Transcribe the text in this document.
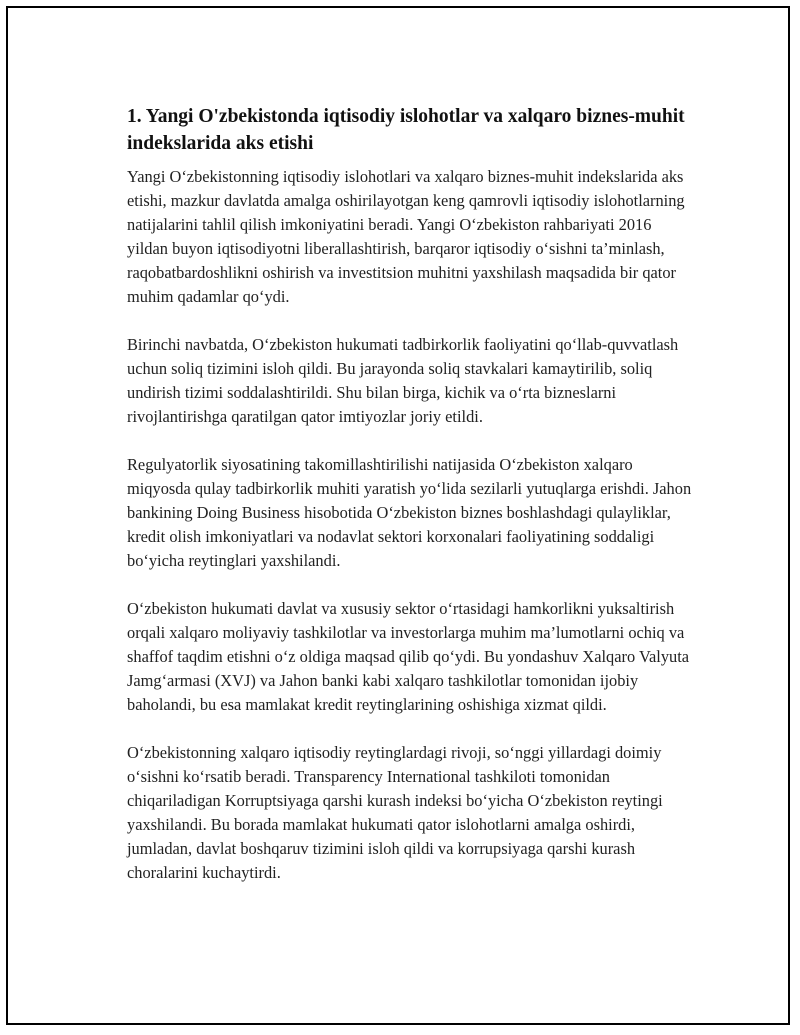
1. Yangi O'zbekistonda iqtisodiy islohotlar va xalqaro biznes-muhit indekslarida aks etishi

Yangi O‘zbekistonning iqtisodiy islohotlari va xalqaro biznes-muhit indekslarida aks etishi, mazkur davlatda amalga oshirilayotgan keng qamrovli iqtisodiy islohotlarning natijalarini tahlil qilish imkoniyatini beradi. Yangi O‘zbekiston rahbariyati 2016 yildan buyon iqtisodiyotni liberallashtirish, barqaror iqtisodiy o‘sishni ta’minlash, raqobatbardoshlikni oshirish va investitsion muhitni yaxshilash maqsadida bir qator muhim qadamlar qo‘ydi.

Birinchi navbatda, O‘zbekiston hukumati tadbirkorlik faoliyatini qo‘llab-quvvatlash uchun soliq tizimini isloh qildi. Bu jarayonda soliq stavkalari kamaytirilib, soliq undirish tizimi soddalashtirildi. Shu bilan birga, kichik va o‘rta bizneslarni rivojlantirishga qaratilgan qator imtiyozlar joriy etildi.

Regulyatorlik siyosatining takomillashtirilishi natijasida O‘zbekiston xalqaro miqyosda qulay tadbirkorlik muhiti yaratish yo‘lida sezilarli yutuqlarga erishdi. Jahon bankining Doing Business hisobotida O‘zbekiston biznes boshlashdagi qulayliklar, kredit olish imkoniyatlari va nodavlat sektori korxonalari faoliyatining soddaligi bo‘yicha reytinglari yaxshilandi.

O‘zbekiston hukumati davlat va xususiy sektor o‘rtasidagi hamkorlikni yuksaltirish orqali xalqaro moliyaviy tashkilotlar va investorlarga muhim ma’lumotlarni ochiq va shaffof taqdim etishni o‘z oldiga maqsad qilib qo‘ydi. Bu yondashuv Xalqaro Valyuta Jamg‘armasi (XVJ) va Jahon banki kabi xalqaro tashkilotlar tomonidan ijobiy baholandi, bu esa mamlakat kredit reytinglarining oshishiga xizmat qildi.

O‘zbekistonning xalqaro iqtisodiy reytinglardagi rivoji, so‘nggi yillardagi doimiy o‘sishni ko‘rsatib beradi. Transparency International tashkiloti tomonidan chiqariladigan Korruptsiyaga qarshi kurash indeksi bo‘yicha O‘zbekiston reytingi yaxshilandi. Bu borada mamlakat hukumati qator islohotlarni amalga oshirdi, jumladan, davlat boshqaruv tizimini isloh qildi va korrupsiyaga qarshi kurash choralarini kuchaytirdi.
